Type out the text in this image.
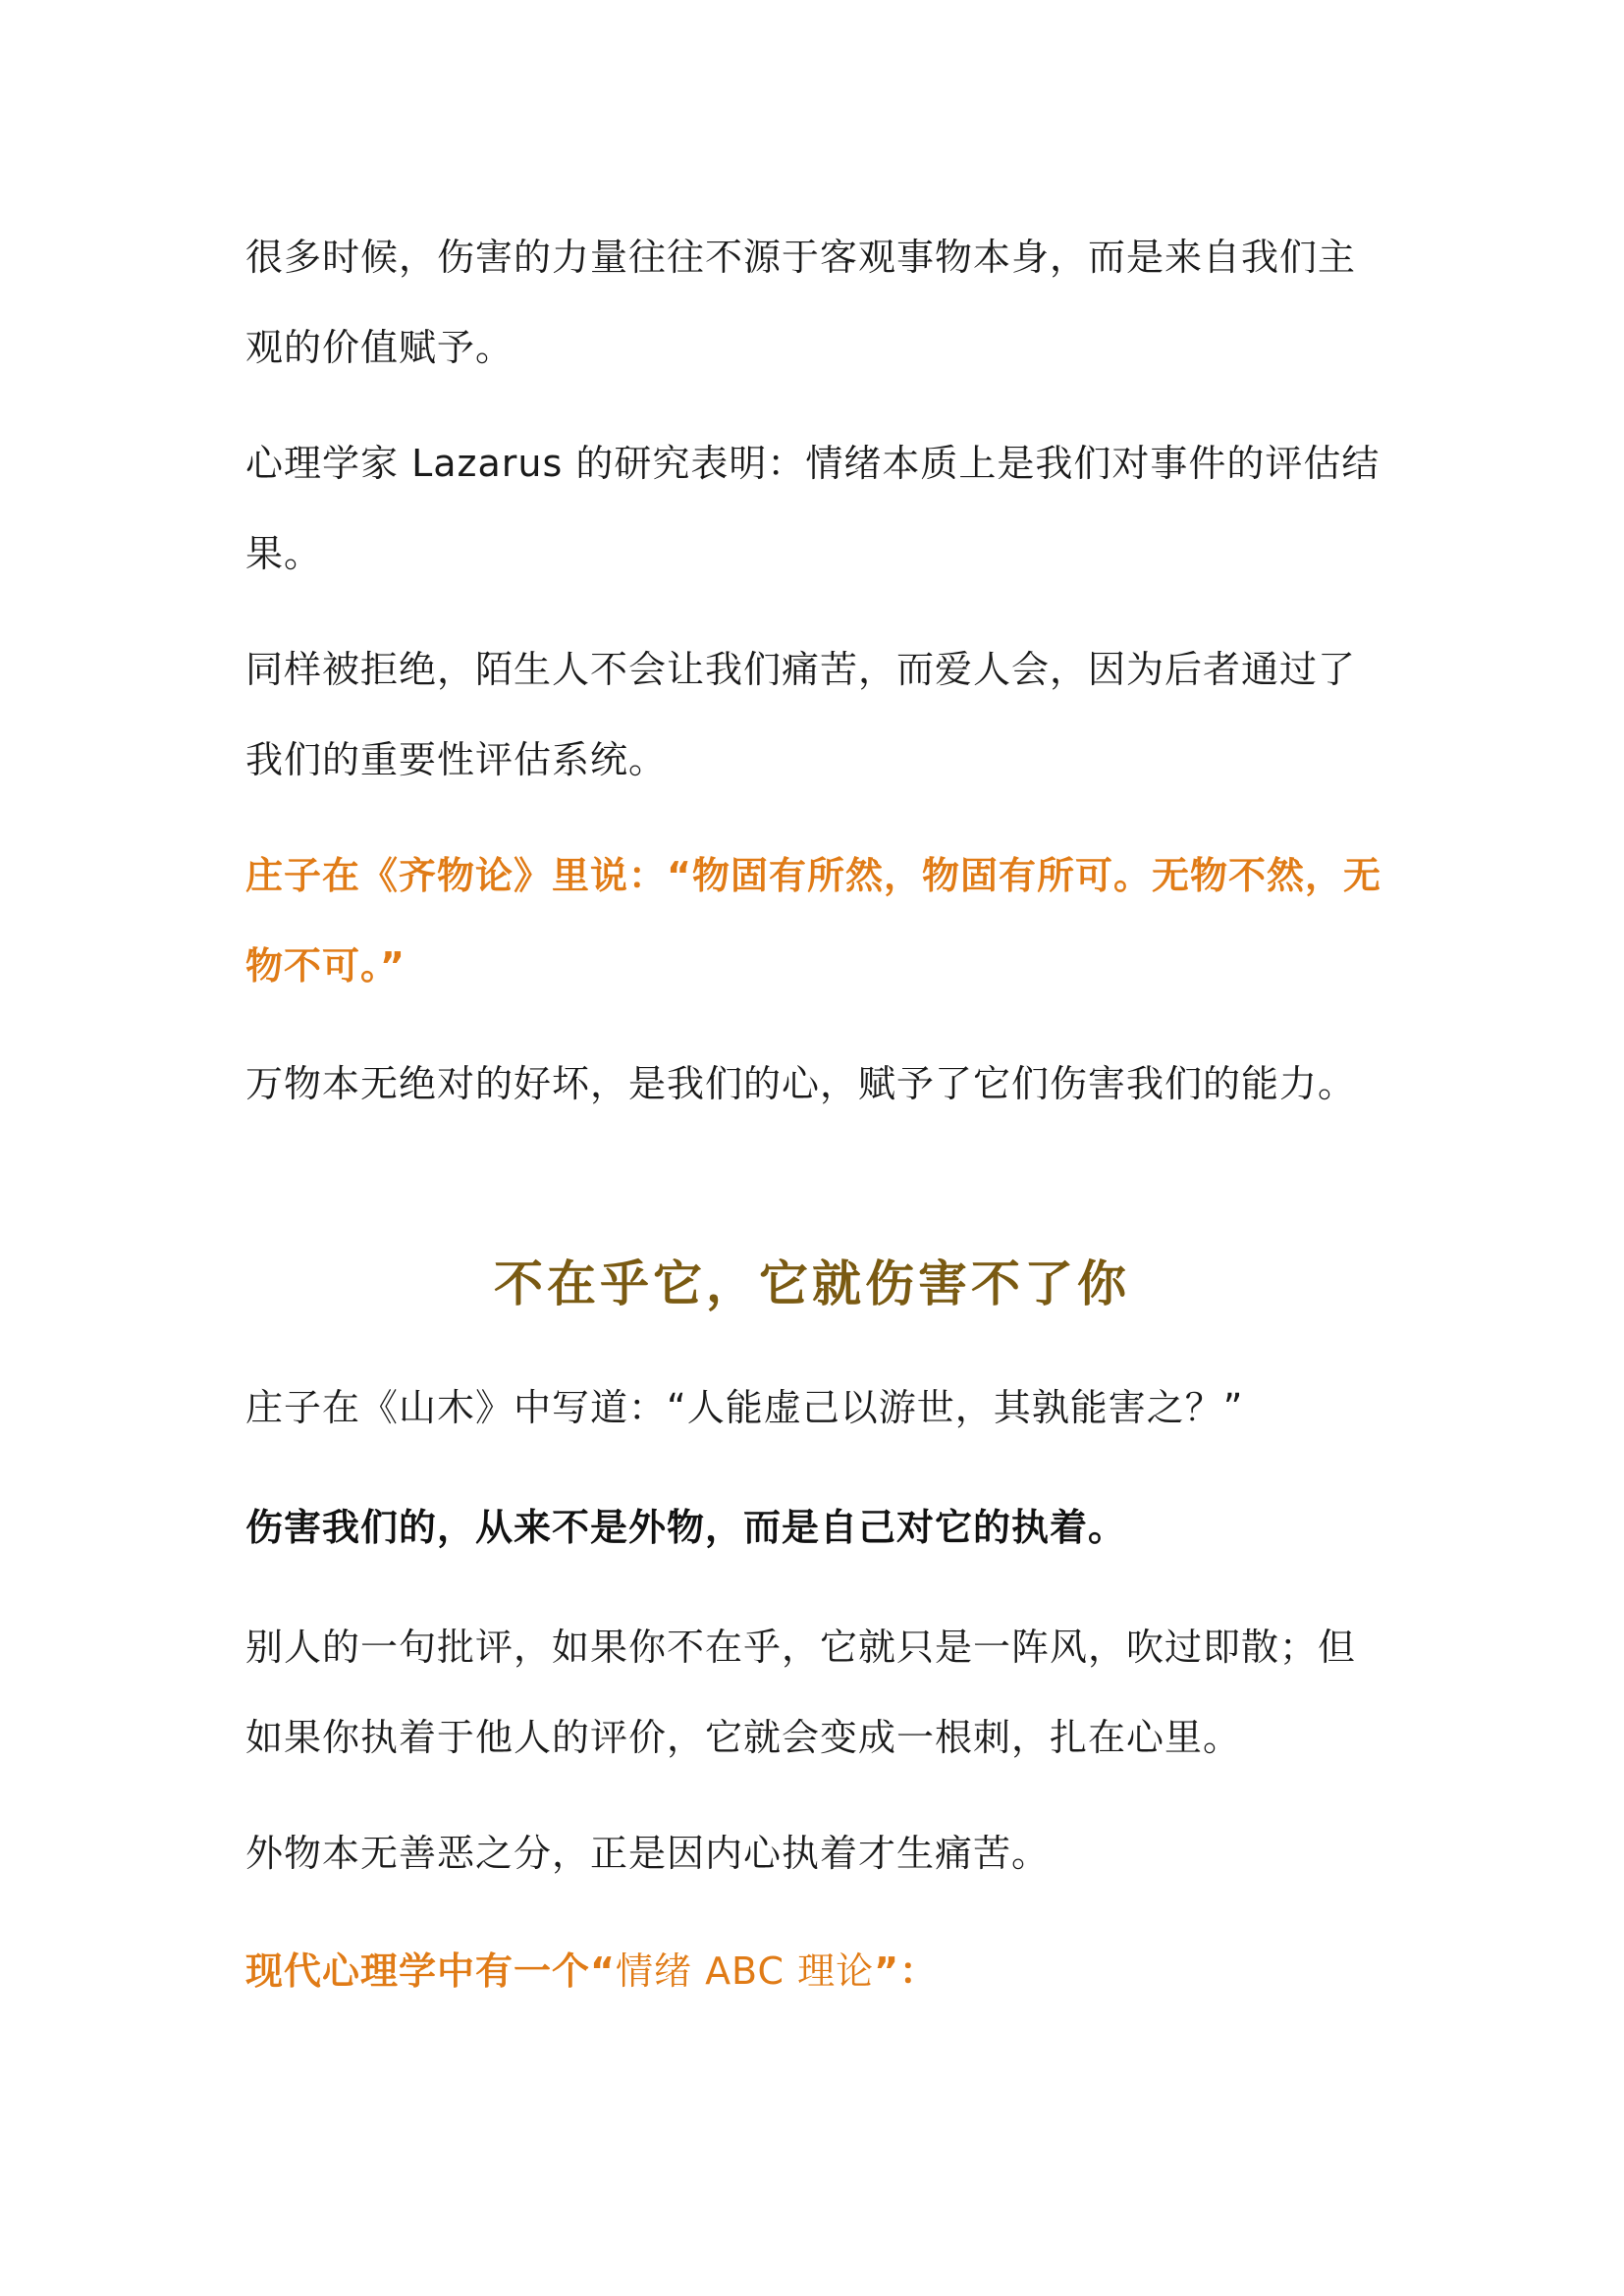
很多时候，伤害的力量往往不源于客观事物本身，而是来自我们主观的价值赋予。

心理学家 Lazarus 的研究表明：情绪本质上是我们对事件的评估结果。

同样被拒绝，陌生人不会让我们痛苦，而爱人会，因为后者通过了我们的重要性评估系统。

庄子在《齐物论》里说：“物固有所然，物固有所可。无物不然，无物不可。”

万物本无绝对的好坏，是我们的心，赋予了它们伤害我们的能力。

不在乎它，它就伤害不了你

庄子在《山木》中写道：“人能虚己以游世，其孰能害之？”

伤害我们的，从来不是外物，而是自己对它的执着。

别人的一句批评，如果你不在乎，它就只是一阵风，吹过即散；但如果你执着于他人的评价，它就会变成一根刺，扎在心里。

外物本无善恶之分，正是因内心执着才生痛苦。

现代心理学中有一个“情绪 ABC 理论”：
